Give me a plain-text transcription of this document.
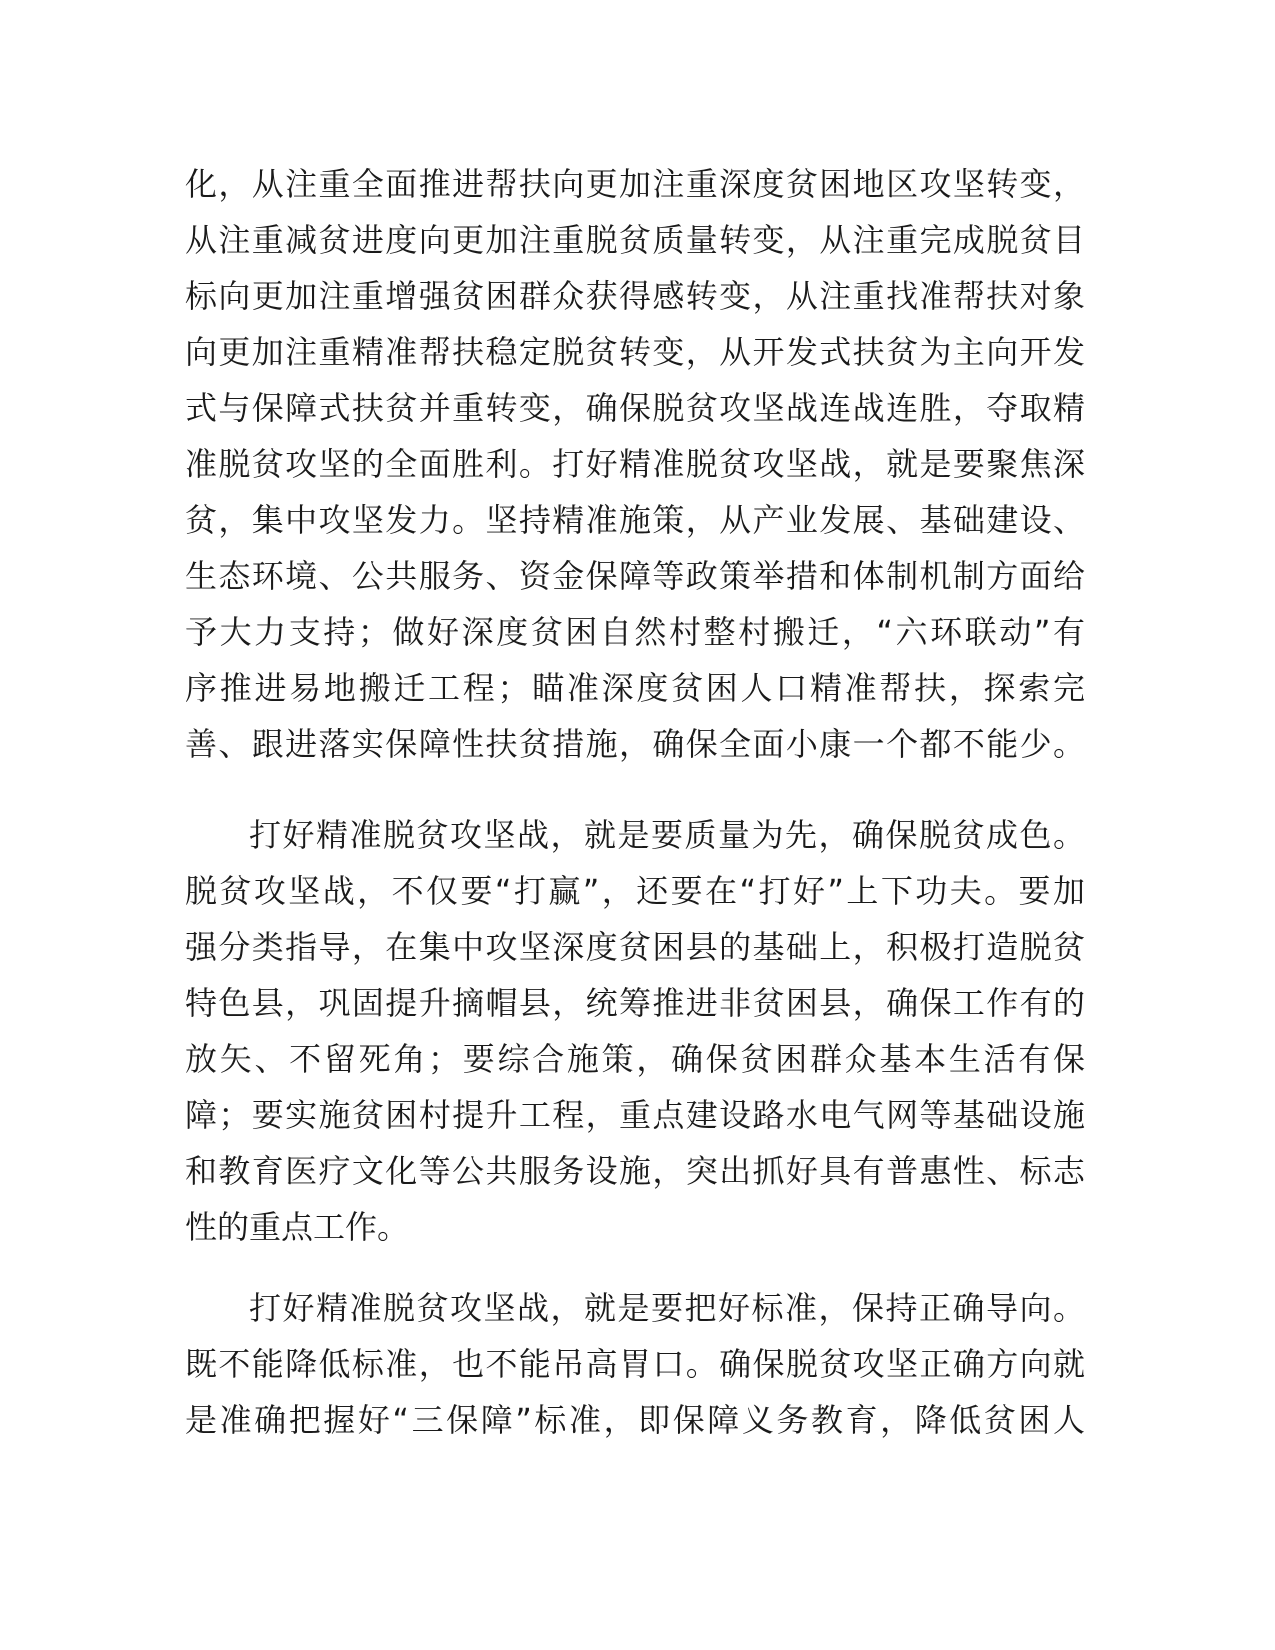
化，从注重全面推进帮扶向更加注重深度贫困地区攻坚转变，
从注重减贫进度向更加注重脱贫质量转变，从注重完成脱贫目
标向更加注重增强贫困群众获得感转变，从注重找准帮扶对象
向更加注重精准帮扶稳定脱贫转变，从开发式扶贫为主向开发
式与保障式扶贫并重转变，确保脱贫攻坚战连战连胜，夺取精
准脱贫攻坚的全面胜利。打好精准脱贫攻坚战，就是要聚焦深
贫，集中攻坚发力。坚持精准施策，从产业发展、基础建设、
生态环境、公共服务、资金保障等政策举措和体制机制方面给
予大力支持；做好深度贫困自然村整村搬迁，“六环联动”有
序推进易地搬迁工程；瞄准深度贫困人口精准帮扶，探索完
善、跟进落实保障性扶贫措施，确保全面小康一个都不能少。
打好精准脱贫攻坚战，就是要质量为先，确保脱贫成色。
脱贫攻坚战，不仅要“打赢”，还要在“打好”上下功夫。要加
强分类指导，在集中攻坚深度贫困县的基础上，积极打造脱贫
特色县，巩固提升摘帽县，统筹推进非贫困县，确保工作有的
放矢、不留死角；要综合施策，确保贫困群众基本生活有保
障；要实施贫困村提升工程，重点建设路水电气网等基础设施
和教育医疗文化等公共服务设施，突出抓好具有普惠性、标志
性的重点工作。
打好精准脱贫攻坚战，就是要把好标准，保持正确导向。
既不能降低标准，也不能吊高胃口。确保脱贫攻坚正确方向就
是准确把握好“三保障”标准，即保障义务教育，降低贫困人
